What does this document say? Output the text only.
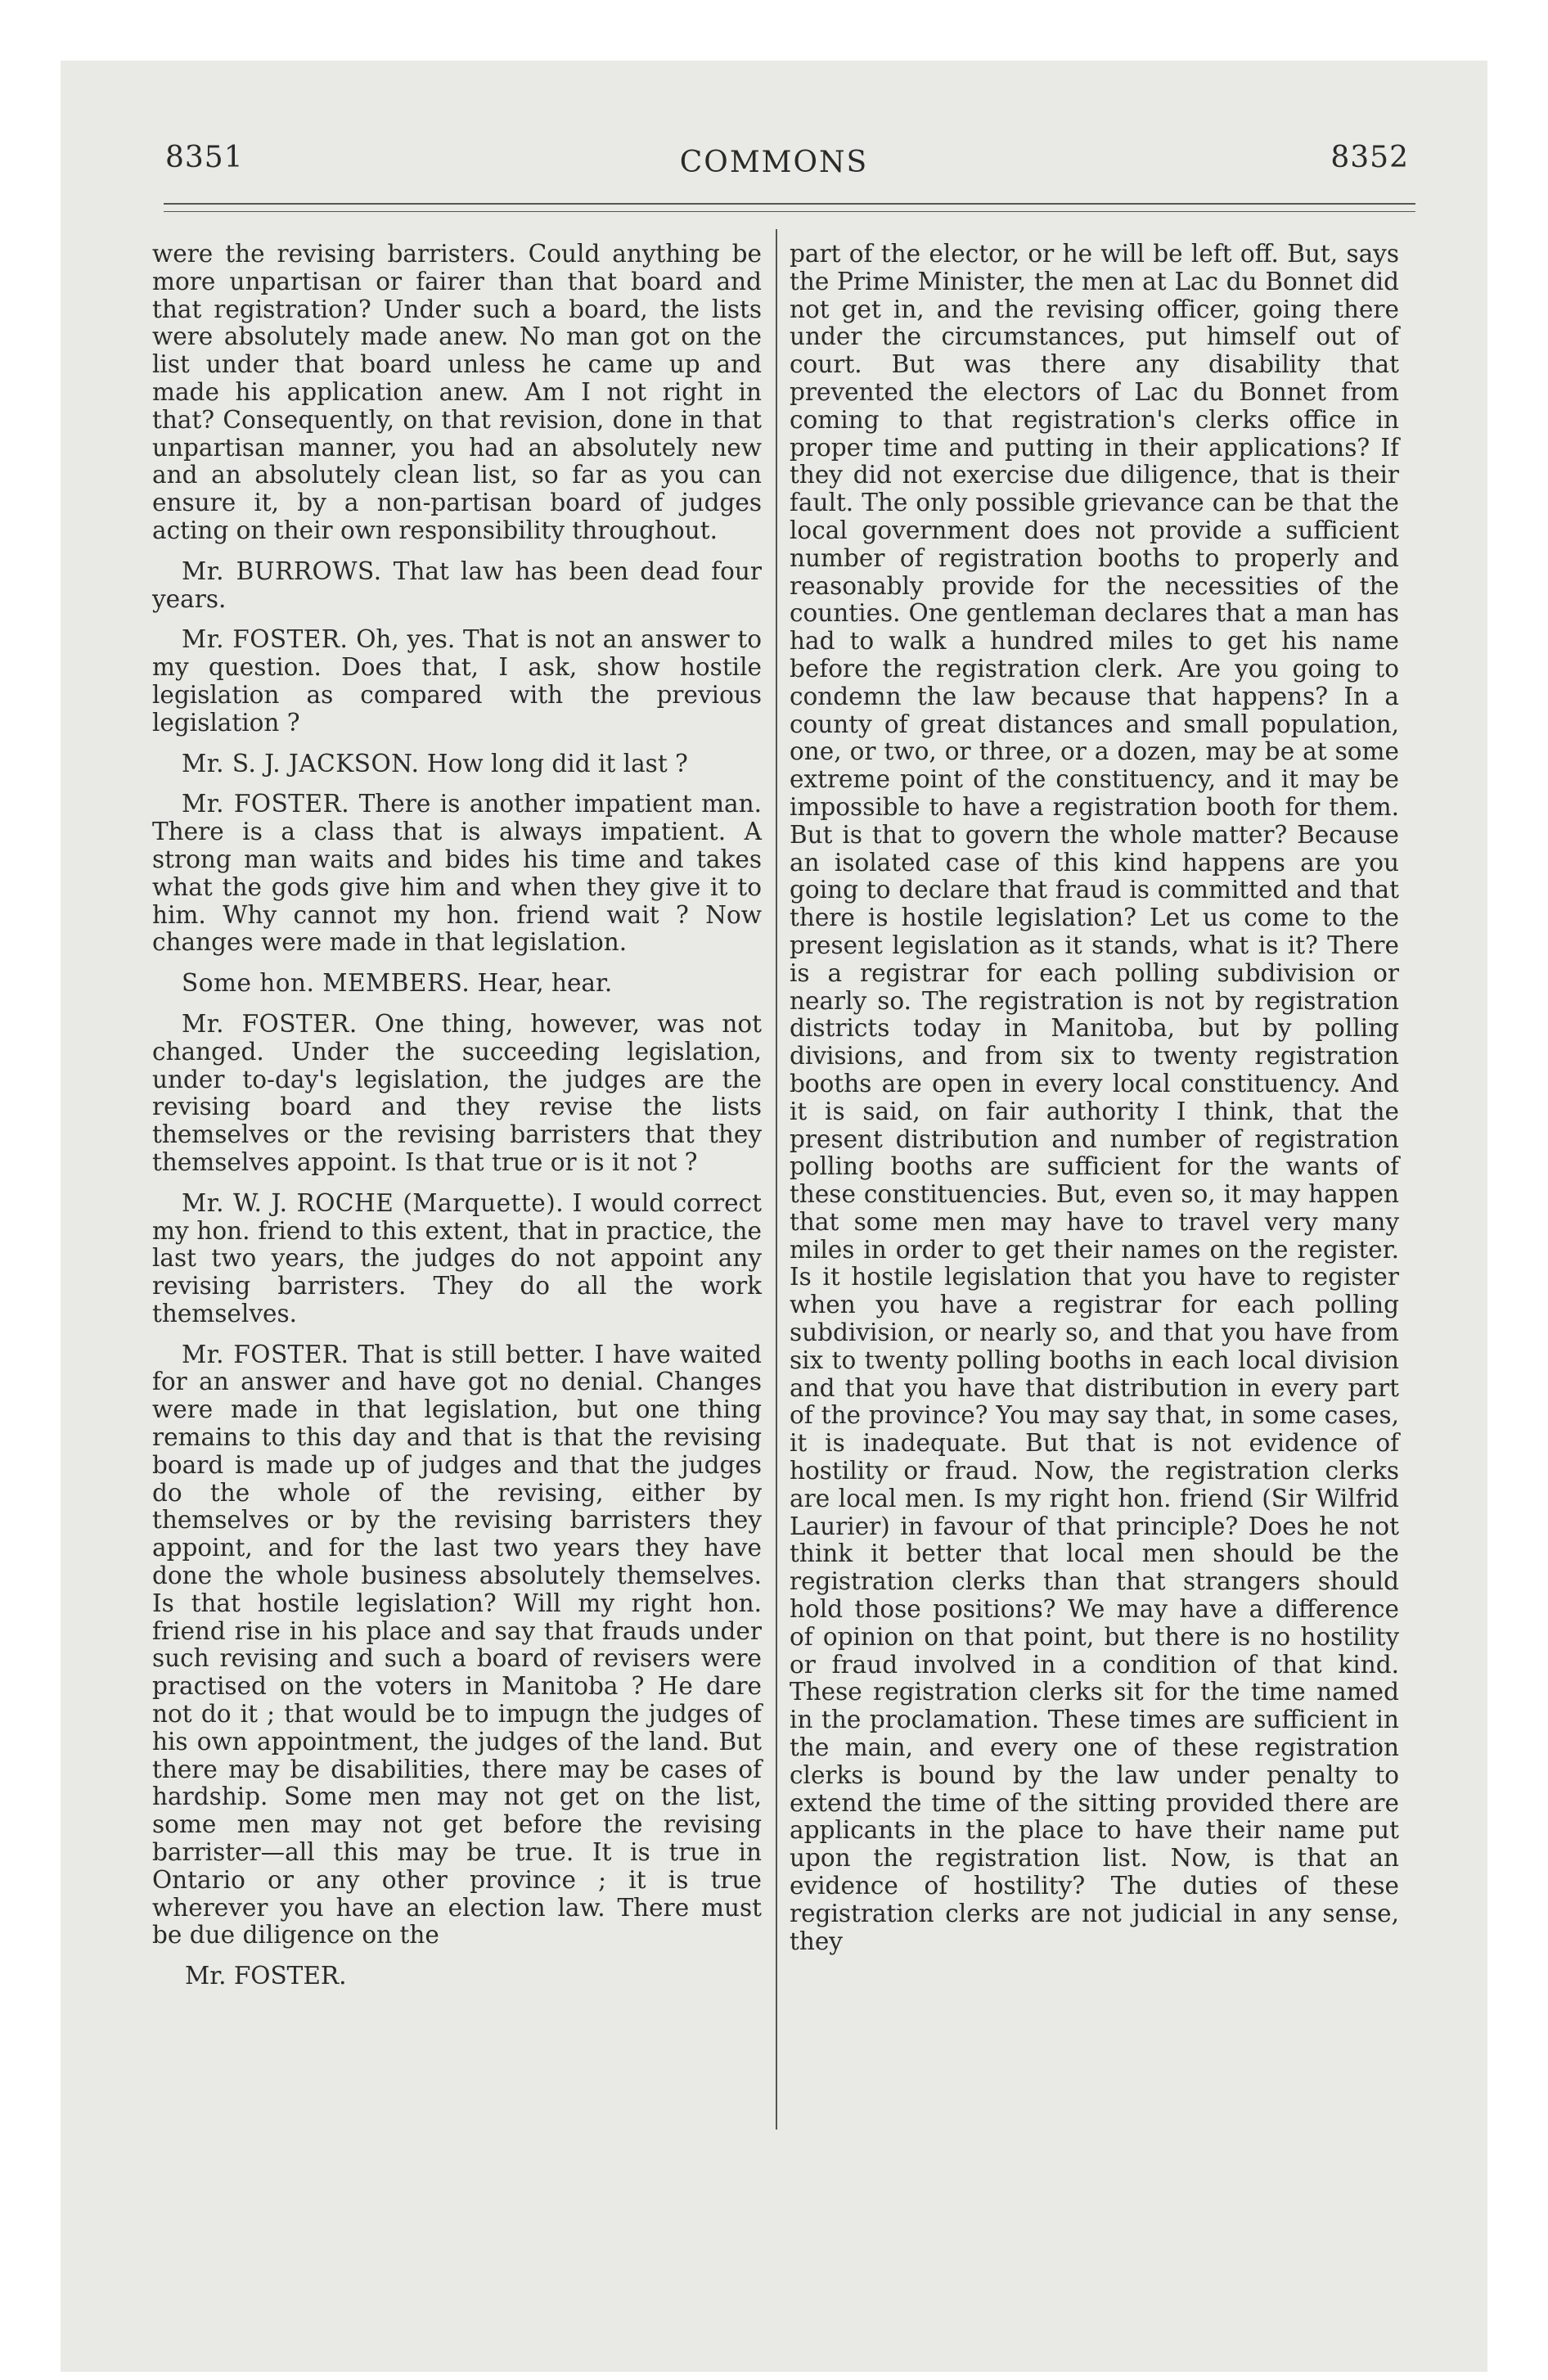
8351	COMMONS	8352

were the revising barristers. Could anything be more unpartisan or fairer than that board and that registration? Under such a board, the lists were absolutely made anew. No man got on the list under that board unless he came up and made his application anew. Am I not right in that? Consequently, on that revision, done in that unpartisan manner, you had an absolutely new and an absolutely clean list, so far as you can ensure it, by a non-partisan board of judges acting on their own responsibility throughout.

Mr. BURROWS. That law has been dead four years.

Mr. FOSTER. Oh, yes. That is not an answer to my question. Does that, I ask, show hostile legislation as compared with the previous legislation ?

Mr. S. J. JACKSON. How long did it last ?

Mr. FOSTER. There is another impatient man. There is a class that is always impatient. A strong man waits and bides his time and takes what the gods give him and when they give it to him. Why cannot my hon. friend wait ? Now changes were made in that legislation.

Some hon. MEMBERS. Hear, hear.

Mr. FOSTER. One thing, however, was not changed. Under the succeeding legislation, under to-day's legislation, the judges are the revising board and they revise the lists themselves or the revising barristers that they themselves appoint. Is that true or is it not ?

Mr. W. J. ROCHE (Marquette). I would correct my hon. friend to this extent, that in practice, the last two years, the judges do not appoint any revising barristers. They do all the work themselves.

Mr. FOSTER. That is still better. I have waited for an answer and have got no denial. Changes were made in that legislation, but one thing remains to this day and that is that the revising board is made up of judges and that the judges do the whole of the revising, either by themselves or by the revising barristers they appoint, and for the last two years they have done the whole business absolutely themselves. Is that hostile legislation? Will my right hon. friend rise in his place and say that frauds under such revising and such a board of revisers were practised on the voters in Manitoba ? He dare not do it ; that would be to impugn the judges of his own appointment, the judges of the land. But there may be disabilities, there may be cases of hardship. Some men may not get on the list, some men may not get before the revising barrister—all this may be true. It is true in Ontario or any other province ; it is true wherever you have an election law. There must be due diligence on the

Mr. FOSTER.

part of the elector, or he will be left off. But, says the Prime Minister, the men at Lac du Bonnet did not get in, and the revising officer, going there under the circumstances, put himself out of court. But was there any disability that prevented the electors of Lac du Bonnet from coming to that registration's clerks office in proper time and putting in their applications? If they did not exercise due diligence, that is their fault. The only possible grievance can be that the local government does not provide a sufficient number of registration booths to properly and reasonably provide for the necessities of the counties. One gentleman declares that a man has had to walk a hundred miles to get his name before the registration clerk. Are you going to condemn the law because that happens? In a county of great distances and small population, one, or two, or three, or a dozen, may be at some extreme point of the constituency, and it may be impossible to have a registration booth for them. But is that to govern the whole matter? Because an isolated case of this kind happens are you going to declare that fraud is committed and that there is hostile legislation? Let us come to the present legislation as it stands, what is it? There is a registrar for each polling subdivision or nearly so. The registration is not by registration districts today in Manitoba, but by polling divisions, and from six to twenty registration booths are open in every local constituency. And it is said, on fair authority I think, that the present distribution and number of registration polling booths are sufficient for the wants of these constituencies. But, even so, it may happen that some men may have to travel very many miles in order to get their names on the register. Is it hostile legislation that you have to register when you have a registrar for each polling subdivision, or nearly so, and that you have from six to twenty polling booths in each local division and that you have that distribution in every part of the province? You may say that, in some cases, it is inadequate. But that is not evidence of hostility or fraud. Now, the registration clerks are local men. Is my right hon. friend (Sir Wilfrid Laurier) in favour of that principle? Does he not think it better that local men should be the registration clerks than that strangers should hold those positions? We may have a difference of opinion on that point, but there is no hostility or fraud involved in a condition of that kind. These registration clerks sit for the time named in the proclamation. These times are sufficient in the main, and every one of these registration clerks is bound by the law under penalty to extend the time of the sitting provided there are applicants in the place to have their name put upon the registration list. Now, is that an evidence of hostility? The duties of these registration clerks are not judicial in any sense, they
